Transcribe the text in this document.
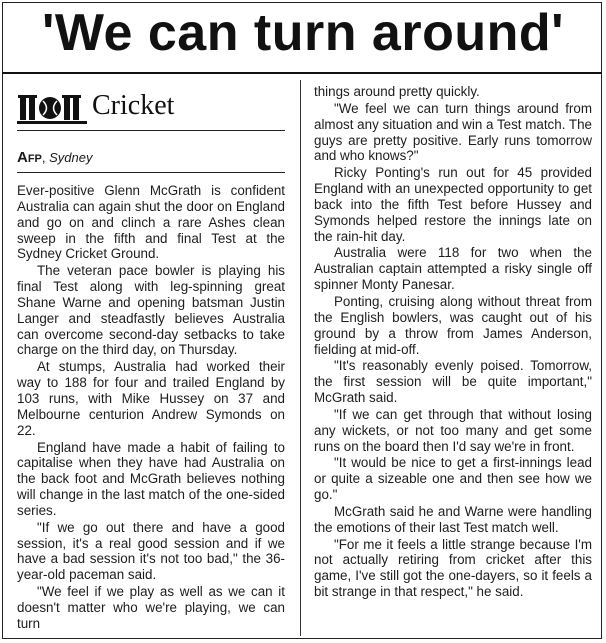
'We can turn around'
Cricket
Afp, Sydney

Ever-positive Glenn McGrath is confident Australia can again shut the door on England and go on and clinch a rare Ashes clean sweep in the fifth and final Test at the Sydney Cricket Ground.

The veteran pace bowler is playing his final Test along with leg-spinning great Shane Warne and opening batsman Justin Langer and steadfastly believes Australia can overcome second-day setbacks to take charge on the third day, on Thursday.

At stumps, Australia had worked their way to 188 for four and trailed England by 103 runs, with Mike Hussey on 37 and Melbourne centurion Andrew Symonds on 22.

England have made a habit of failing to capitalise when they have had Australia on the back foot and McGrath believes nothing will change in the last match of the one-sided series.

"If we go out there and have a good session, it's a real good session and if we have a bad session it's not too bad," the 36-year-old paceman said.

"We feel if we play as well as we can it doesn't matter who we're playing, we can turn

things around pretty quickly.

"We feel we can turn things around from almost any situation and win a Test match. The guys are pretty positive. Early runs tomorrow and who knows?"

Ricky Ponting's run out for 45 provided England with an unexpected opportunity to get back into the fifth Test before Hussey and Symonds helped restore the innings late on the rain-hit day.

Australia were 118 for two when the Australian captain attempted a risky single off spinner Monty Panesar.

Ponting, cruising along without threat from the English bowlers, was caught out of his ground by a throw from James Anderson, fielding at mid-off.

"It's reasonably evenly poised. Tomorrow, the first session will be quite important," McGrath said.

"If we can get through that without losing any wickets, or not too many and get some runs on the board then I'd say we're in front.

"It would be nice to get a first-innings lead or quite a sizeable one and then see how we go."

McGrath said he and Warne were handling the emotions of their last Test match well.

"For me it feels a little strange because I'm not actually retiring from cricket after this game, I've still got the one-dayers, so it feels a bit strange in that respect," he said.
